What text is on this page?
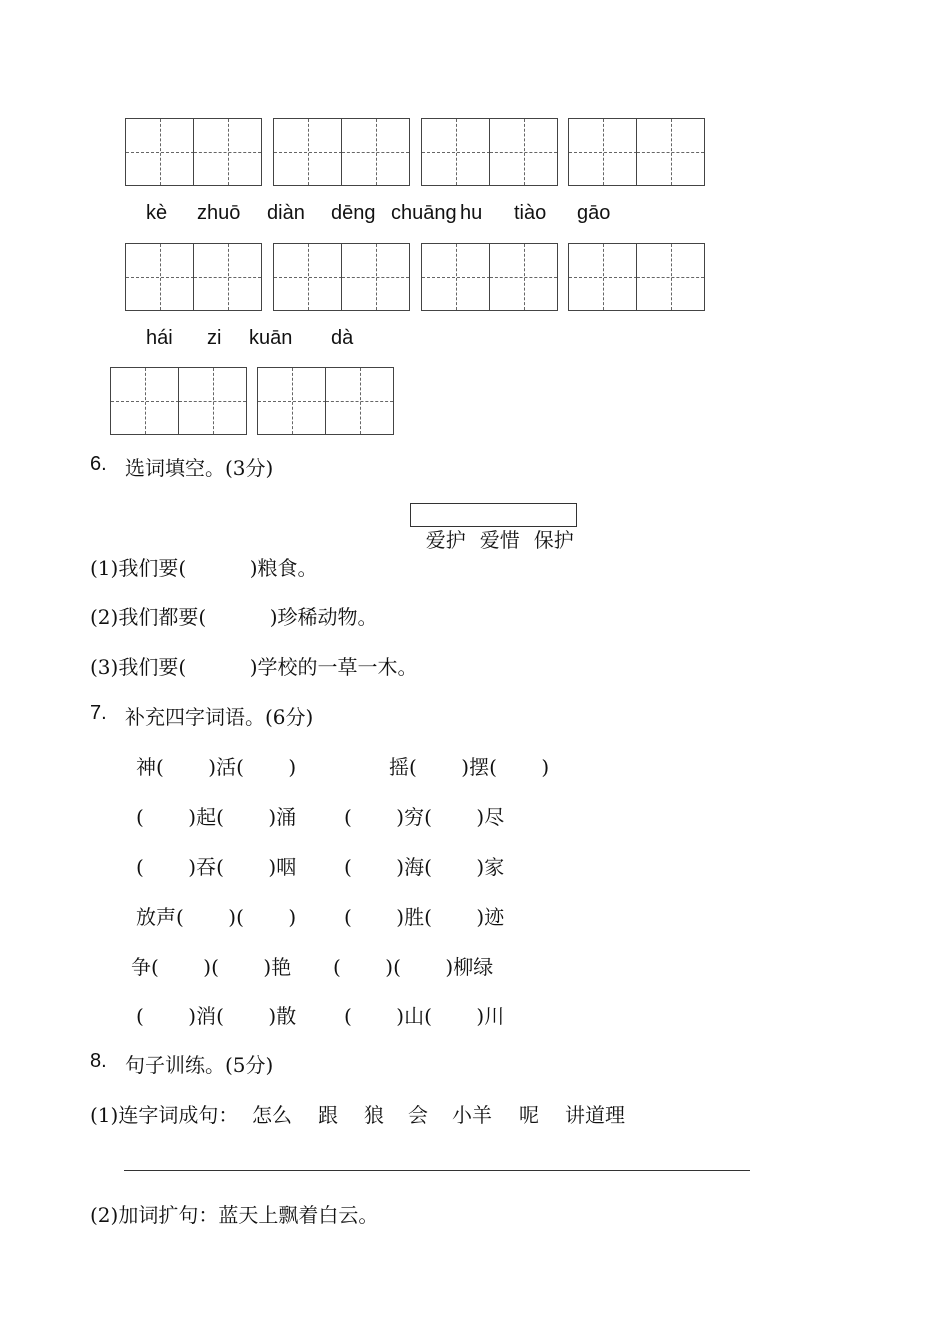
kè zhuō diàn dēng chuāng hu tiào gāo
hái zi kuān dà
6. 选词填空。(3分)

爱护 爱惜 保护

(1)我们要(          )粮食。
(2)我们都要(          )珍稀动物。
(3)我们要(          )学校的一草一木。
7. 补充四字词语。(6分)
神(       )活(       )	摇(       )摆(       )
(       )起(       )涌 (       )穷(       )尽
(       )吞(       )咽 (       )海(       )家
放声(       )(       ) (       )胜(       )迹
争(       )(       )艳 (       )(       )柳绿
(       )消(       )散 (       )山(       )川
8. 句子训练。(5分)
(1)连字词成句： 怎么 跟 狼 会 小羊 呢 讲道理
(2)加词扩句：蓝天上飘着白云。
